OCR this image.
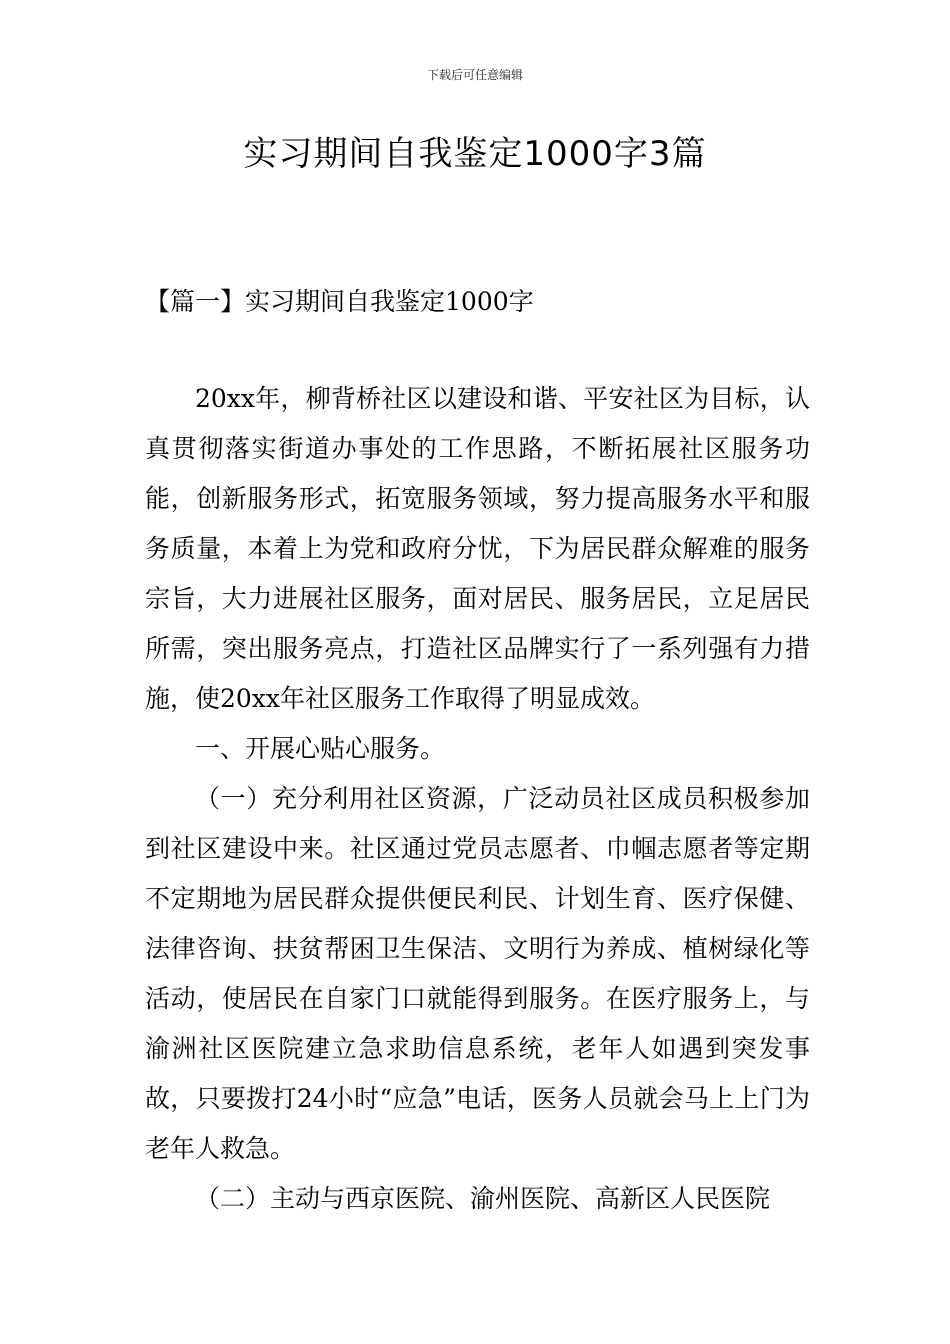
下载后可任意编辑
实习期间自我鉴定1000字3篇
【篇一】实习期间自我鉴定1000字

20xx年，柳背桥社区以建设和谐、平安社区为目标，认真贯彻落实街道办事处的工作思路，不断拓展社区服务功能，创新服务形式，拓宽服务领域，努力提高服务水平和服务质量，本着上为党和政府分忧，下为居民群众解难的服务宗旨，大力进展社区服务，面对居民、服务居民，立足居民所需，突出服务亮点，打造社区品牌实行了一系列强有力措施，使20xx年社区服务工作取得了明显成效。

一、开展心贴心服务。

（一）充分利用社区资源，广泛动员社区成员积极参加到社区建设中来。社区通过党员志愿者、巾帼志愿者等定期不定期地为居民群众提供便民利民、计划生育、医疗保健、法律咨询、扶贫帮困卫生保洁、文明行为养成、植树绿化等活动，使居民在自家门口就能得到服务。在医疗服务上，与渝洲社区医院建立急求助信息系统，老年人如遇到突发事故，只要拨打24小时“应急”电话，医务人员就会马上上门为老年人救急。

（二）主动与西京医院、渝州医院、高新区人民医院
